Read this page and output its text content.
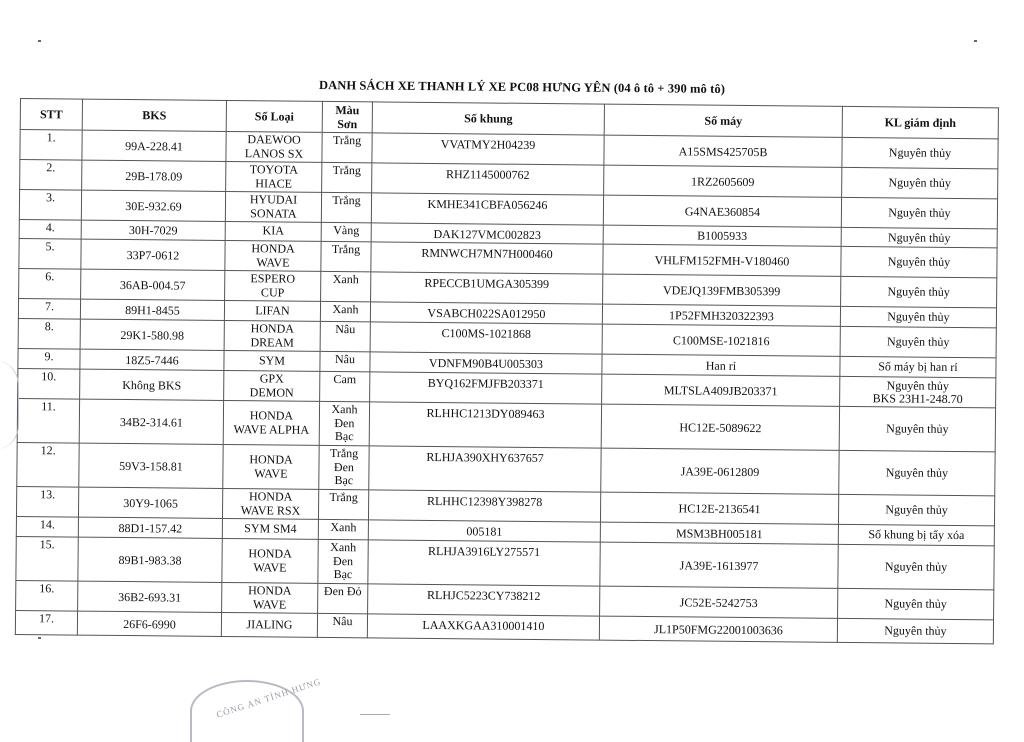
DANH SÁCH XE THANH LÝ XE PC08 HƯNG YÊN (04 ô tô + 390 mô tô)
STT	BKS	Số Loại	Màu
Sơn	Số khung	Số máy	KL giám định
1.	99A-228.41	DAEWOO
LANOS SX	Trắng	VVATMY2H04239	A15SMS425705B	Nguyên thủy

2.	29B-178.09	TOYOTA
HIACE	Trắng	RHZ1145000762	1RZ2605609	Nguyên thủy

3.	30E-932.69	HYUDAI
SONATA	Trắng	KMHE341CBFA056246	G4NAE360854	Nguyên thủy

4.	30H-7029	KIA	Vàng	DAK127VMC002823	B1005933	Nguyên thủy

5.	33P7-0612	HONDA
WAVE	Trắng	RMNWCH7MN7H000460	VHLFM152FMH-V180460	Nguyên thủy

6.	36AB-004.57	ESPERO
CUP	Xanh	RPECCB1UMGA305399	VDEJQ139FMB305399	Nguyên thủy

7.	89H1-8455	LIFAN	Xanh	VSABCH022SA012950	1P52FMH320322393	Nguyên thủy

8.	29K1-580.98	HONDA
DREAM	Nâu	C100MS-1021868	C100MSE-1021816	Nguyên thủy

9.	18Z5-7446	SYM	Nâu	VDNFM90B4U005303	Han rỉ	Số máy bị han rỉ

10.	Không BKS	GPX
DEMON	Cam	BYQ162FMJFB203371	MLTSLA409JB203371	Nguyên thủy
BKS 23H1-248.70

11.	34B2-314.61	HONDA
WAVE ALPHA	Xanh
Đen
Bạc	RLHHC1213DY089463	HC12E-5089622	Nguyên thủy

12.	59V3-158.81	HONDA
WAVE	Trắng
Đen
Bạc	RLHJA390XHY637657	JA39E-0612809	Nguyên thủy

13.	30Y9-1065	HONDA
WAVE RSX	Trắng	RLHHC12398Y398278	HC12E-2136541	Nguyên thủy

14.	88D1-157.42	SYM SM4	Xanh	005181	MSM3BH005181	Số khung bị tẩy xóa

15.	89B1-983.38	HONDA
WAVE	Xanh
Đen
Bạc	RLHJA3916LY275571	JA39E-1613977	Nguyên thủy

16.	36B2-693.31	HONDA
WAVE	Đen Đỏ	RLHJC5223CY738212	JC52E-5242753	Nguyên thủy

17.	26F6-6990	JIALING	Nâu	LAAXKGAA310001410	JL1P50FMG22001003636	Nguyên thủy
CÔNG AN TỈNH HƯNG
